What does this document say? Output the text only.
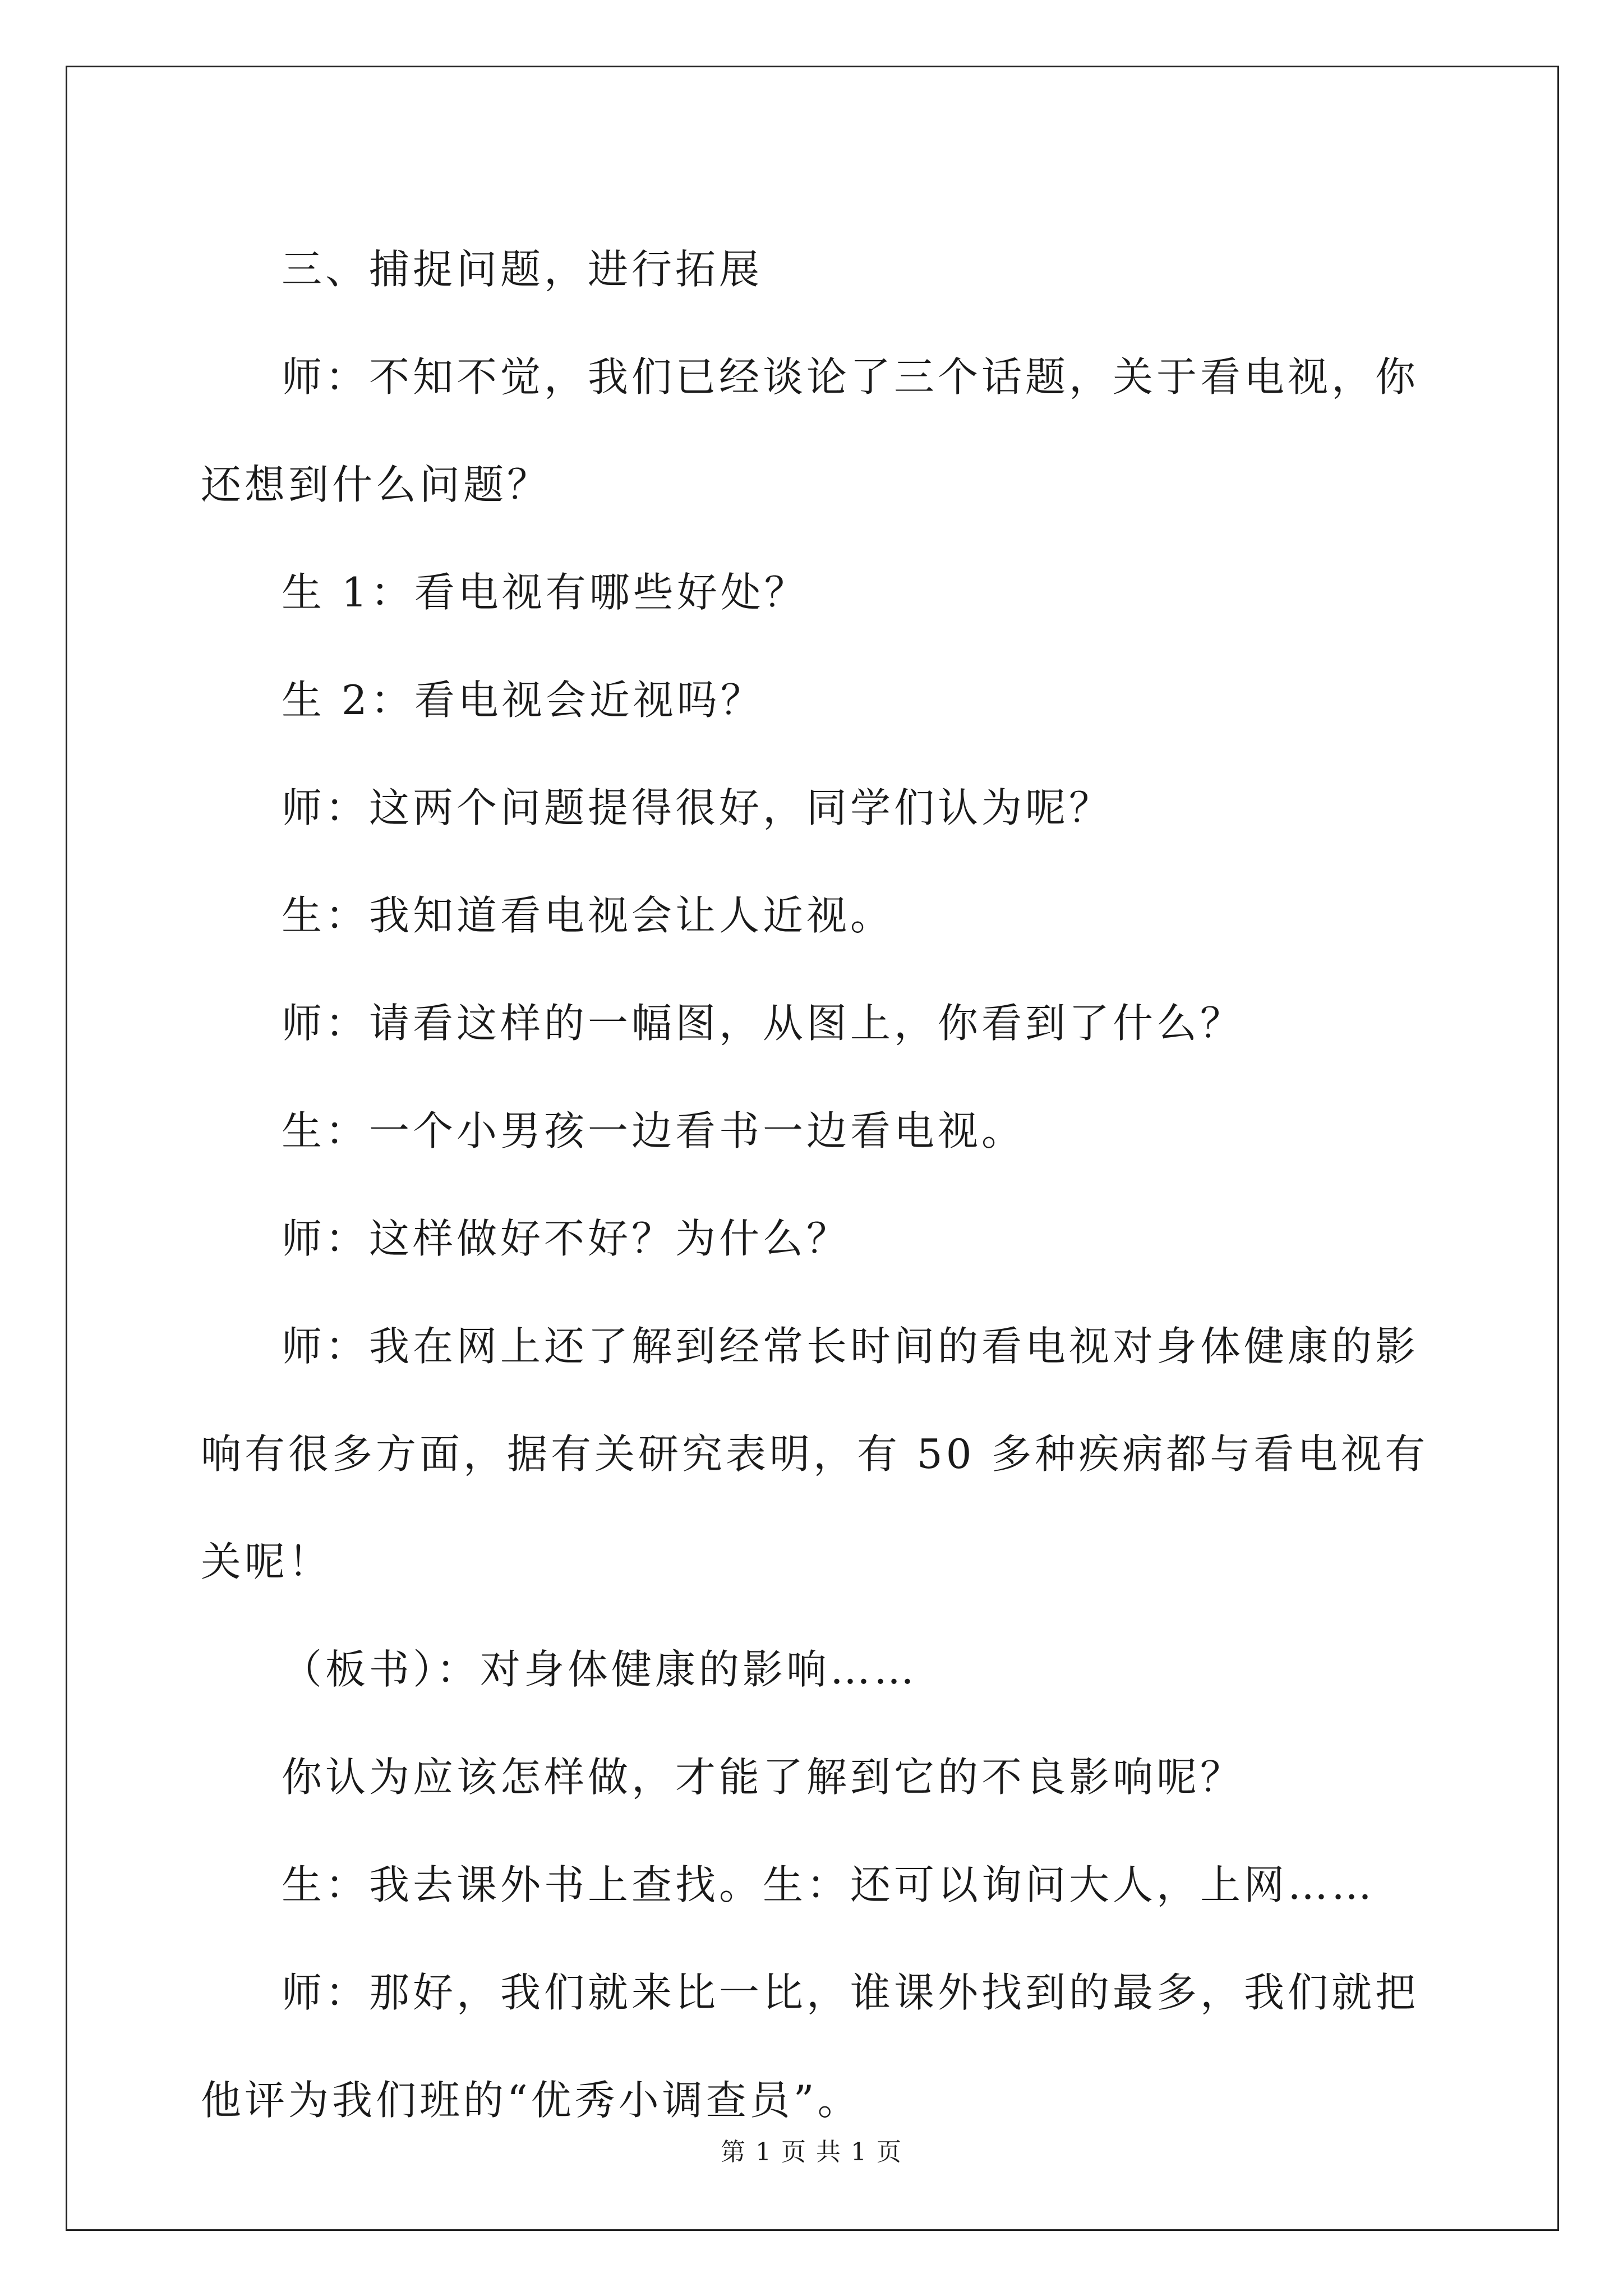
三、捕捉问题，进行拓展

师：不知不觉，我们已经谈论了三个话题，关于看电视，你还想到什么问题？

生 1：看电视有哪些好处？

生 2：看电视会近视吗？

师：这两个问题提得很好，同学们认为呢？

生：我知道看电视会让人近视。

师：请看这样的一幅图，从图上，你看到了什么？

生：一个小男孩一边看书一边看电视。

师：这样做好不好？为什么？

师：我在网上还了解到经常长时间的看电视对身体健康的影响有很多方面，据有关研究表明，有 50 多种疾病都与看电视有关呢！

（板书）：对身体健康的影响……

你认为应该怎样做，才能了解到它的不良影响呢？

生：我去课外书上查找。生：还可以询问大人，上网……

师：那好，我们就来比一比，谁课外找到的最多，我们就把他评为我们班的“优秀小调查员”。

第 1 页 共 1 页
